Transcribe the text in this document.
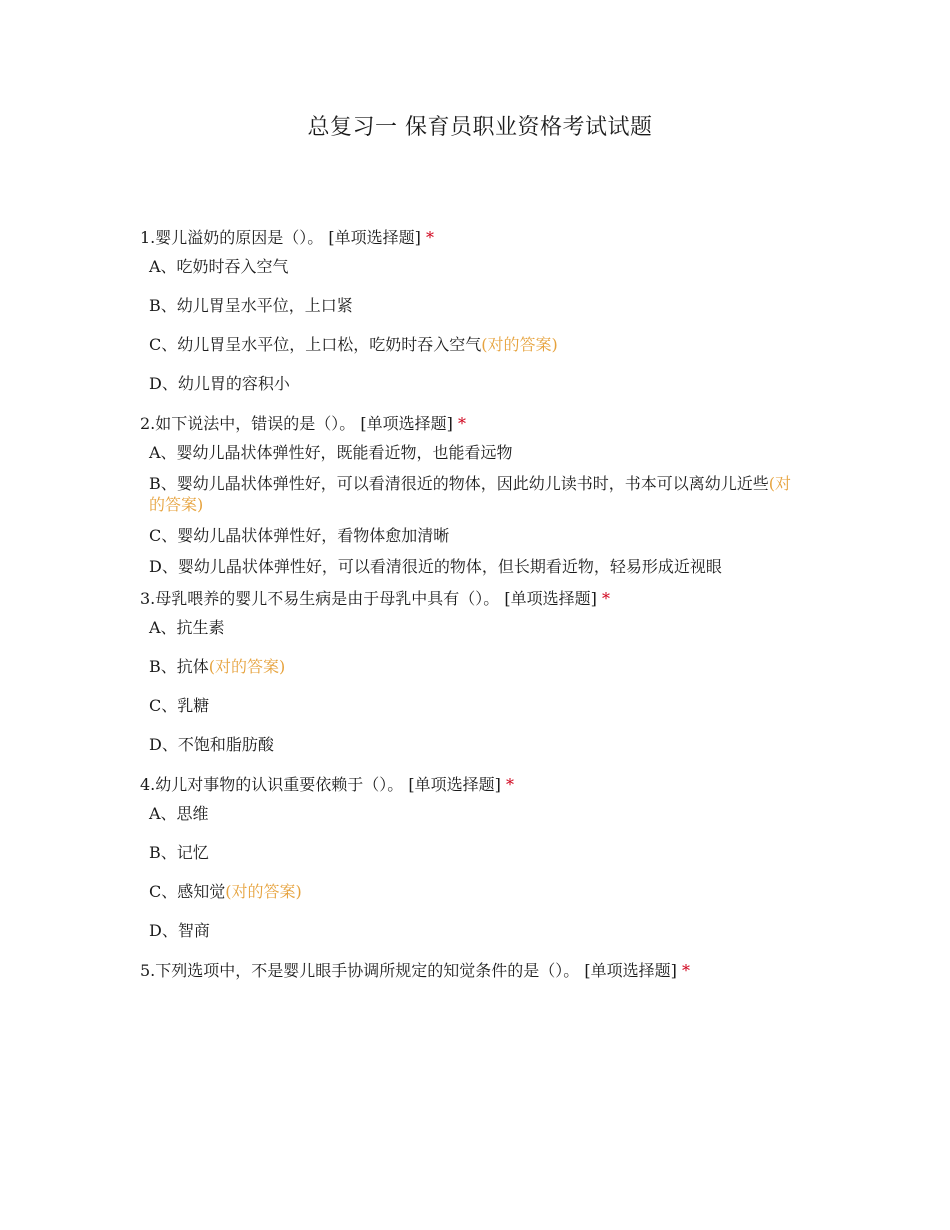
总复习一 保育员职业资格考试试题

1.婴儿溢奶的原因是（）。 [单项选择题] *

A、吃奶时吞入空气
B、幼儿胃呈水平位，上口紧
C、幼儿胃呈水平位，上口松，吃奶时吞入空气(对的答案)
D、幼儿胃的容积小

2.如下说法中，错误的是（）。 [单项选择题] *

A、婴幼儿晶状体弹性好，既能看近物，也能看远物
B、婴幼儿晶状体弹性好，可以看清很近的物体，因此幼儿读书时，书本可以离幼儿近些(对的答案)
C、婴幼儿晶状体弹性好，看物体愈加清晰
D、婴幼儿晶状体弹性好，可以看清很近的物体，但长期看近物，轻易形成近视眼

3.母乳喂养的婴儿不易生病是由于母乳中具有（）。 [单项选择题] *

A、抗生素
B、抗体(对的答案)
C、乳糖
D、不饱和脂肪酸

4.幼儿对事物的认识重要依赖于（）。 [单项选择题] *

A、思维
B、记忆
C、感知觉(对的答案)
D、智商

5.下列选项中，不是婴儿眼手协调所规定的知觉条件的是（）。 [单项选择题] *
